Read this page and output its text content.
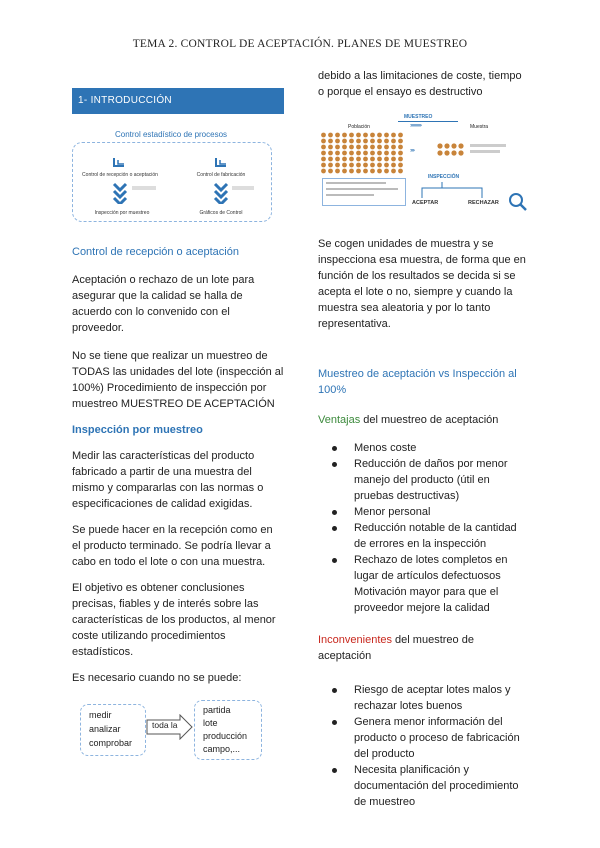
TEMA 2. CONTROL DE ACEPTACIÓN. PLANES DE MUESTREO
1- INTRODUCCIÓN
Control estadístico de procesos
Control de recepción o aceptación	Control de fabricación
Inspección por muestreo	Gráficos de Control
Control de recepción o aceptación

Aceptación o rechazo de un lote para asegurar que la calidad se halla de acuerdo con lo convenido con el proveedor.

No se tiene que realizar un muestreo de TODAS las unidades del lote (inspección al 100%) Procedimiento de inspección por muestreo MUESTREO DE ACEPTACIÓN

Inspección por muestreo

Medir las características del producto fabricado a partir de una muestra del mismo y compararlas con las normas o especificaciones de calidad exigidas.

Se puede hacer en la recepción como en el producto terminado. Se podría llevar a cabo en todo el lote o con una muestra.

El objetivo es obtener conclusiones precisas, fiables y de interés sobre las características de los productos, al menor coste utilizando procedimientos estadísticos.

Es necesario cuando no se puede:

medir
analizar
comprobar
toda la
partida
lote
producción
campo,...

debido a las limitaciones de coste, tiempo o porque el ensayo es destructivo

MUESTREO
Población	›››››››››››	Muestra
››››
INSPECCIÓN
ACEPTAR	RECHAZAR

Se cogen unidades de muestra y se inspecciona esa muestra, de forma que en función de los resultados se decida si se acepta el lote o no, siempre y cuando la muestra sea aleatoria y por lo tanto representativa.

Muestreo de aceptación vs Inspección al 100%

Ventajas del muestreo de aceptación

Menos coste
Reducción de daños por menor manejo del producto (útil en pruebas destructivas)
Menor personal
Reducción notable de la cantidad de errores en la inspección
Rechazo de lotes completos en lugar de artículos defectuosos Motivación mayor para que el proveedor mejore la calidad

Inconvenientes del muestreo de aceptación

Riesgo de aceptar lotes malos y rechazar lotes buenos
Genera menor información del producto o proceso de fabricación del producto
Necesita planificación y documentación del procedimiento de muestreo
